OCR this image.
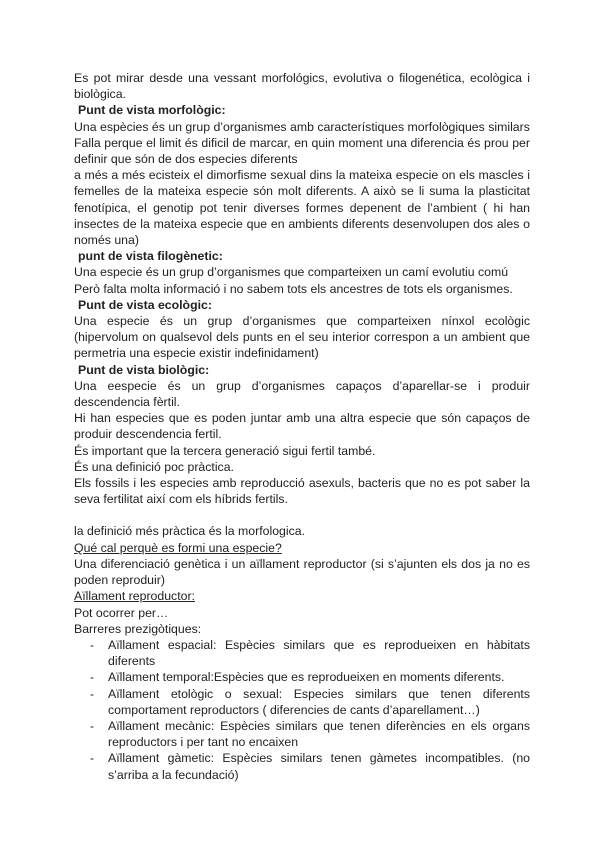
Es pot mirar desde una vessant morfológics, evolutiva o filogenética, ecològica i biològica.

Punt de vista morfològic:

Una espècies és un grup d’organismes amb característiques morfològiques similars

Falla perque el limit és dificil de marcar, en quin moment una diferencia és prou per definir que són de dos especies diferents

a més a més ecisteix el dimorfisme sexual dins la mateixa especie on els mascles i femelles de la mateixa especie són molt diferents. A això se li suma la plasticitat fenotípica, el genotip pot tenir diverses formes depenent de l’ambient ( hi han insectes de la mateixa especie que en ambients diferents desenvolupen dos ales o només una)

punt de vista filogènetic:

Una especie és un grup d’organismes que comparteixen un camí evolutiu comú

Però falta molta informació i no sabem tots els ancestres de tots els organismes.

Punt de vista ecològic:

Una especie és un grup d’organismes que comparteixen nínxol ecològic (hipervolum on qualsevol dels punts en el seu interior correspon a un ambient que permetria una especie existir indefinidament)

Punt de vista biològic:

Una eespecie és un grup d’organismes capaços d’aparellar-se i produir descendencia fèrtil.

Hi han especies que es poden juntar amb una altra especie que són capaços de produir descendencia fertil.

És important que la tercera generació sigui fertil també.

És una definició poc pràctica.

Els fossils i les especies amb reproducció asexuls, bacteris que no es pot saber la seva fertilitat així com els híbrids fertils.

la definició més pràctica és la morfologica.

Qué cal perquè es formi una especie?

Una diferenciació genètica i un aïllament reproductor (si s’ajunten els dos ja no es poden reproduir)

Aïllament reproductor:

Pot ocorrer per…

Barreres prezigòtiques:

- Aïllament espacial: Espècies similars que es reprodueixen en hàbitats diferents
- Aïllament temporal:Espècies que es reprodueixen en moments diferents.
- Aïllament etològic o sexual: Especies similars que tenen diferents comportament reproductors ( diferencies de cants d’aparellament…)
- Aïllament mecànic: Espècies similars que tenen diferències en els organs reproductors i per tant no encaixen
- Aïllament gàmetic: Espècies similars tenen gàmetes incompatibles. (no s’arriba a la fecundació)
